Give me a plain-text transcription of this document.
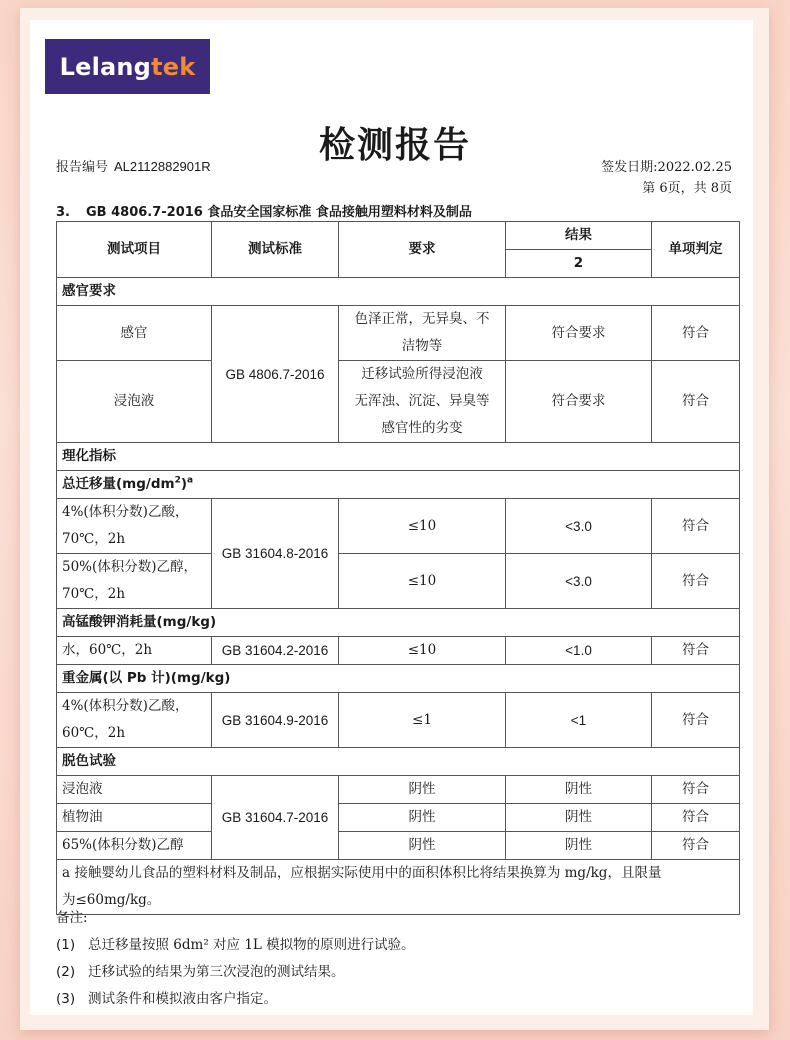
Lelang tek
检测报告
报告编号 AL2112882901R	签发日期:2022.02.25
第 6页，共 8页
3. GB 4806.7-2016 食品安全国家标准 食品接触用塑料材料及制品
测试项目	测试标准	要求	结果	单项判定
			2	
感官要求				
感官	GB 4806.7-2016	色泽正常，无异臭、不
洁物等	符合要求	符合
浸泡液		迁移试验所得浸泡液
无浑浊、沉淀、异臭等
感官性的劣变	符合要求	符合
理化指标				
总迁移量$(mg/dm^2)^a$

4%(体积分数)乙酸，
70℃，2h	GB 31604.8-2016	≤10	<3.0	符合

50%(体积分数)乙醇，
70℃，2h		≤10	<3.0	符合
高锰酸钾消耗量(mg/kg)				
水，60℃，2h	GB 31604.2-2016	≤10	<1.0	符合
重金属(以 Pb 计)(mg/kg)				

4%(体积分数)乙酸，
60℃，2h	GB 31604.9-2016	≤1	<1	符合
脱色试验				
浸泡液	GB 31604.7-2016	阴性	阴性	符合
植物油		阴性	阴性	符合
65%(体积分数)乙醇		阴性	阴性	符合

a 接触婴幼儿食品的塑料材料及制品，应根据实际使用中的面积体积比将结果换算为 mg/kg，且限量
为≤60mg/kg。				
备注:
(1) 总迁移量按照 6dm² 对应 1L 模拟物的原则进行试验。
(2) 迁移试验的结果为第三次浸泡的测试结果。
(3) 测试条件和模拟液由客户指定。
